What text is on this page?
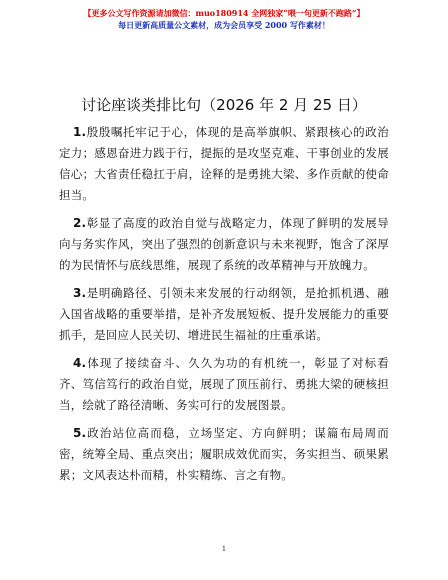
【更多公文写作资源请加微信：muo180914 全网独家“喂一句更新不跑路”】
每日更新高质量公文素材，成为会员享受 2000 写作素材！
讨论座谈类排比句（2026 年 2 月 25 日）

1.殷殷嘱托牢记于心，体现的是高举旗帜、紧跟核心的政治定力；感恩奋进力践于行，提振的是攻坚克难、干事创业的发展信心；大省责任稳扛于肩，诠释的是勇挑大梁、多作贡献的使命担当。

2.彰显了高度的政治自觉与战略定力，体现了鲜明的发展导向与务实作风，突出了强烈的创新意识与未来视野，饱含了深厚的为民情怀与底线思维，展现了系统的改革精神与开放魄力。

3.是明确路径、引领未来发展的行动纲领，是抢抓机遇、融入国省战略的重要举措，是补齐发展短板、提升发展能力的重要抓手，是回应人民关切、增进民生福祉的庄重承诺。

4.体现了接续奋斗、久久为功的有机统一，彰显了对标看齐、笃信笃行的政治自觉，展现了顶压前行、勇挑大梁的硬核担当，绘就了路径清晰、务实可行的发展图景。

5.政治站位高而稳，立场坚定、方向鲜明；谋篇布局周而密，统筹全局、重点突出；履职成效优而实，务实担当、硕果累累；文风表达朴而精，朴实精练、言之有物。

1
